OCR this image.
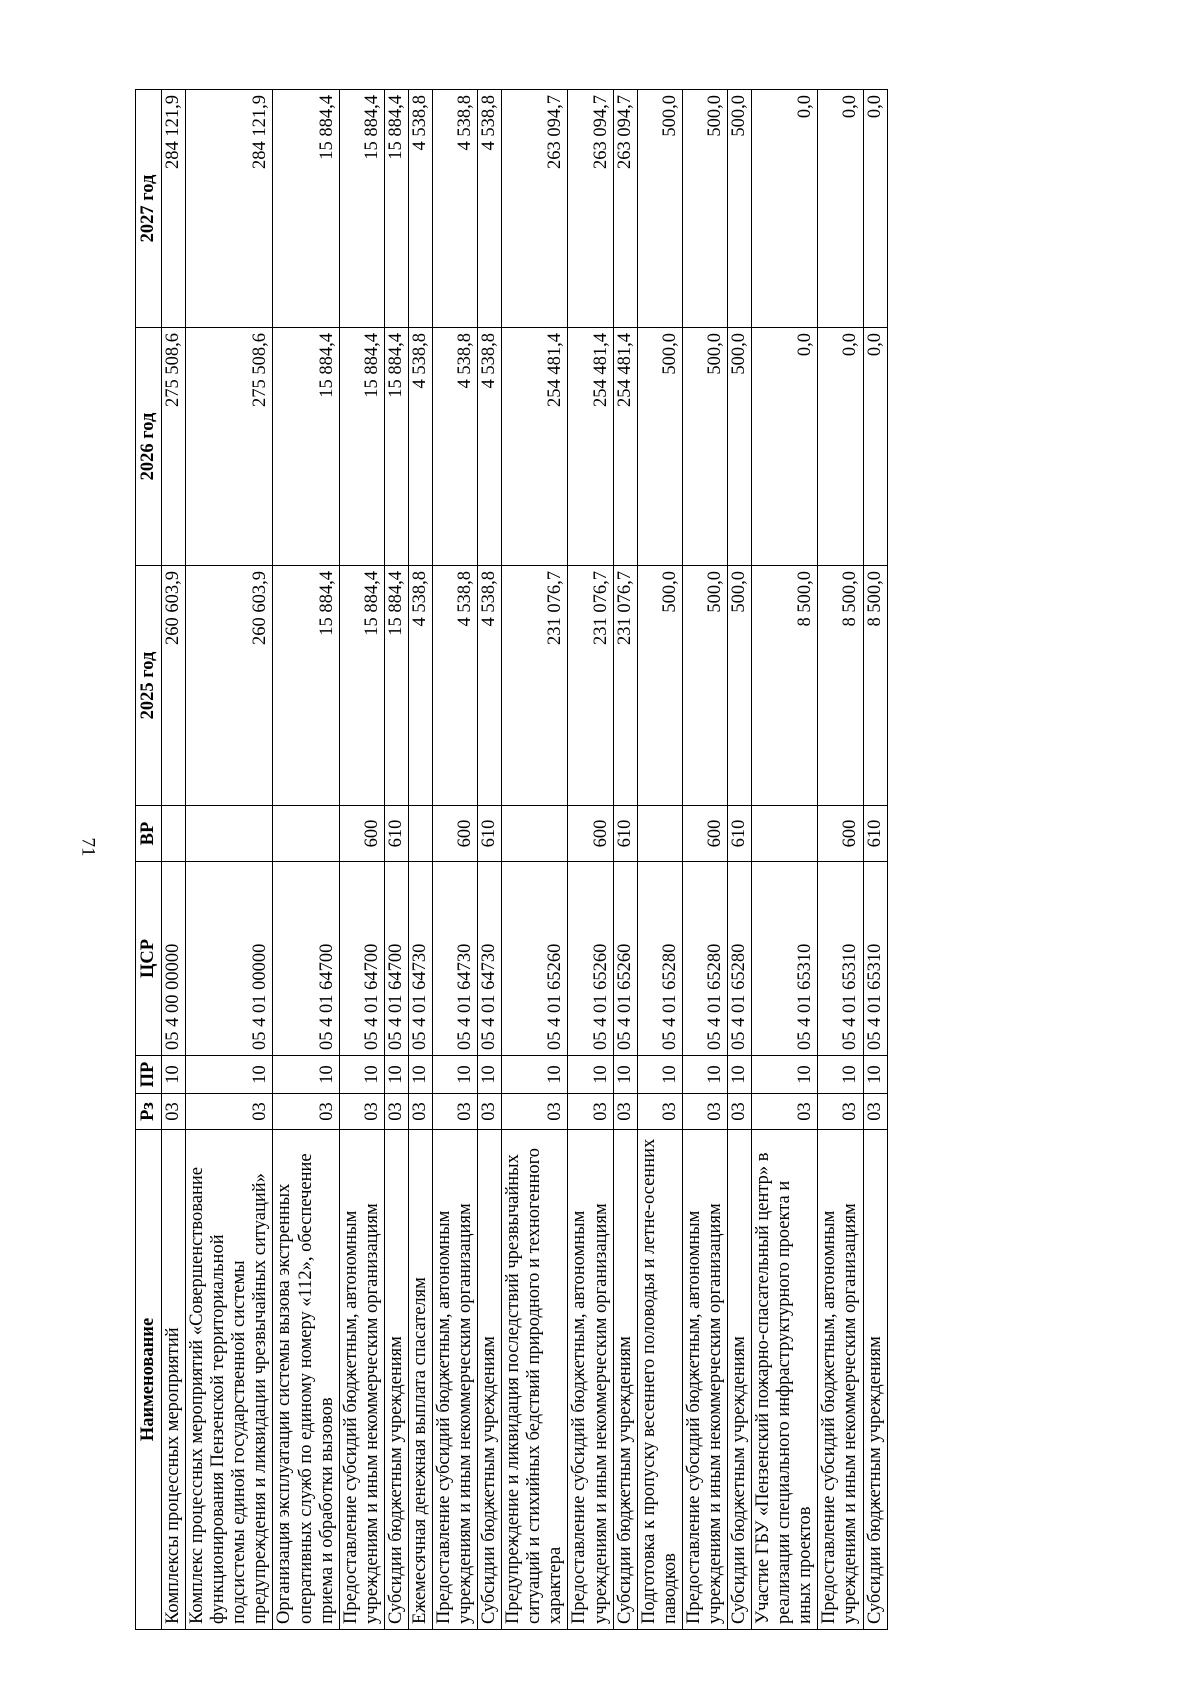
71
Наименование	Рз	ПР	ЦСР	ВР	2025 год	2026 год	2027 год
Комплексы процессных мероприятий	03	10	05 4 00 00000		260 603,9	275 508,6	284 121,9
Комплекс процессных мероприятий «Совершенствование функционирования Пензенской территориальной подсистемы единой государственной системы предупреждения и ликвидации чрезвычайных ситуаций»	03	10	05 4 01 00000		260 603,9	275 508,6	284 121,9
Организация эксплуатации системы вызова экстренных оперативных служб по единому номеру «112», обеспечение приема и обработки вызовов	03	10	05 4 01 64700		15 884,4	15 884,4	15 884,4
Предоставление субсидий бюджетным, автономным учреждениям и иным некоммерческим организациям	03	10	05 4 01 64700	600	15 884,4	15 884,4	15 884,4
Субсидии бюджетным учреждениям	03	10	05 4 01 64700	610	15 884,4	15 884,4	15 884,4
Ежемесячная денежная выплата спасателям	03	10	05 4 01 64730		4 538,8	4 538,8	4 538,8
Предоставление субсидий бюджетным, автономным учреждениям и иным некоммерческим организациям	03	10	05 4 01 64730	600	4 538,8	4 538,8	4 538,8
Субсидии бюджетным учреждениям	03	10	05 4 01 64730	610	4 538,8	4 538,8	4 538,8
Предупреждение и ликвидация последствий чрезвычайных ситуаций и стихийных бедствий природного и техногенного характера	03	10	05 4 01 65260		231 076,7	254 481,4	263 094,7
Предоставление субсидий бюджетным, автономным учреждениям и иным некоммерческим организациям	03	10	05 4 01 65260	600	231 076,7	254 481,4	263 094,7
Субсидии бюджетным учреждениям	03	10	05 4 01 65260	610	231 076,7	254 481,4	263 094,7
Подготовка к пропуску весеннего половодья и летне-осенних паводков	03	10	05 4 01 65280		500,0	500,0	500,0
Предоставление субсидий бюджетным, автономным учреждениям и иным некоммерческим организациям	03	10	05 4 01 65280	600	500,0	500,0	500,0
Субсидии бюджетным учреждениям	03	10	05 4 01 65280	610	500,0	500,0	500,0
Участие ГБУ «Пензенский пожарно-спасательный центр» в реализации специального инфраструктурного проекта и иных проектов	03	10	05 4 01 65310		8 500,0	0,0	0,0
Предоставление субсидий бюджетным, автономным учреждениям и иным некоммерческим организациям	03	10	05 4 01 65310	600	8 500,0	0,0	0,0
Субсидии бюджетным учреждениям	03	10	05 4 01 65310	610	8 500,0	0,0	0,0
